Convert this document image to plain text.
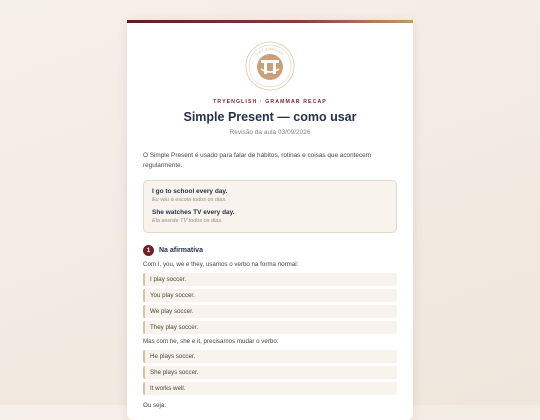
TRY ENGLISH
TRYENGLISH · GRAMMAR RECAP
Simple Present — como usar
Revisão da aula 03/09/2026

O Simple Present é usado para falar de hábitos, rotinas e coisas que acontecem regularmente.

I go to school every day.
Eu vou à escola todos os dias.
She watches TV every day.
Ela assiste TV todos os dias.
1	Na afirmativa

Com I, you, we e they, usamos o verbo na forma normal:

I play soccer.
You play soccer.
We play soccer.
They play soccer.

Mas com he, she e it, precisamos mudar o verbo:

He plays soccer.
She plays soccer.
It works well.

Ou seja:
